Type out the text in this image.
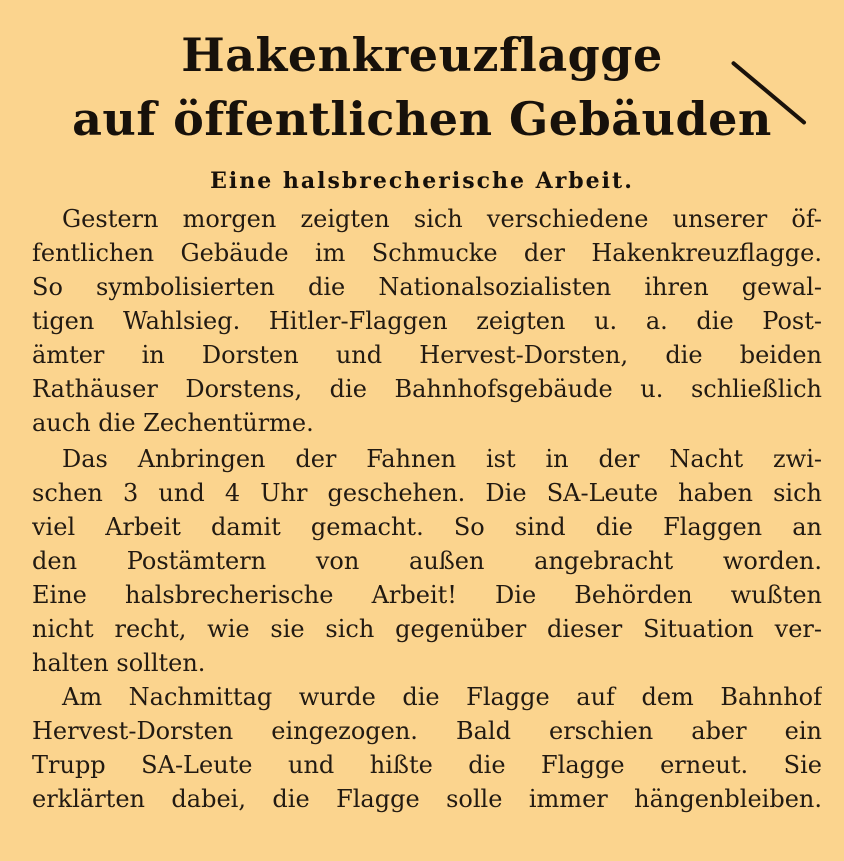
Hakenkreuzflagge
auf öffentlichen Gebäuden
Eine halsbrecherische Arbeit.
Gestern morgen zeigten sich verschiedene unserer öf-
fentlichen Gebäude im Schmucke der Hakenkreuzflagge.
So symbolisierten die Nationalsozialisten ihren gewal-
tigen Wahlsieg. Hitler-Flaggen zeigten u. a. die Post-
ämter in Dorsten und Hervest-Dorsten, die beiden
Rathäuser Dorstens, die Bahnhofsgebäude u. schließlich
auch die Zechentürme.
Das Anbringen der Fahnen ist in der Nacht zwi-
schen 3 und 4 Uhr geschehen. Die SA-Leute haben sich
viel Arbeit damit gemacht. So sind die Flaggen an
den Postämtern von außen angebracht worden.
Eine halsbrecherische Arbeit! Die Behörden wußten
nicht recht, wie sie sich gegenüber dieser Situation ver-
halten sollten.
Am Nachmittag wurde die Flagge auf dem Bahnhof
Hervest-Dorsten eingezogen. Bald erschien aber ein
Trupp SA-Leute und hißte die Flagge erneut. Sie
erklärten dabei, die Flagge solle immer hängenbleiben.
